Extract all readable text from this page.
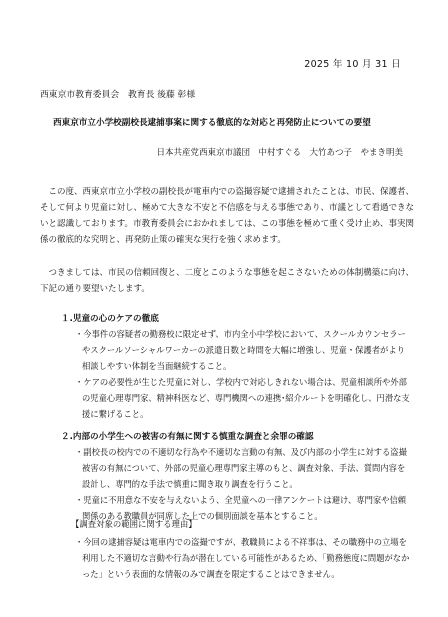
2025 年 10 月 31 日
西東京市教育委員会　教育長 後藤 彰様
西東京市立小学校副校長逮捕事案に関する徹底的な対応と再発防止についての要望
日本共産党西東京市議団　中村すぐる　大竹あつ子　やまき明美
　この度、西東京市立小学校の副校長が電車内での盗撮容疑で逮捕されたことは、市民、保護者、そして何より児童に対し、極めて大きな不安と不信感を与える事態であり、市議として看過できないと認識しております。市教育委員会におかれましては、この事態を極めて重く受け止め、事実関係の徹底的な究明と、再発防止策の確実な実行を強く求めます。
　つきましては、市民の信頼回復と、二度とこのような事態を起こさないための体制構築に向け、下記の通り要望いたします。
１.児童の心のケアの徹底
・今事件の容疑者の勤務校に限定せず、市内全小中学校において、スクールカウンセラーやスクールソーシャルワーカーの派遣日数と時間を大幅に増強し、児童・保護者がより相談しやすい体制を当面継続すること。
・ケアの必要性が生じた児童に対し、学校内で対応しきれない場合は、児童相談所や外部の児童心理専門家、精神科医など、専門機関への連携･紹介ルートを明確化し、円滑な支援に繋げること。
２.内部の小学生への被害の有無に関する慎重な調査と余罪の確認
・副校長の校内での不適切な行為や不適切な言動の有無、及び内部の小学生に対する盗撮被害の有無について、外部の児童心理専門家主導のもと、調査対象、手法、質問内容を設計し、専門的な手法で慎重に聞き取り調査を行うこと。
・児童に不用意な不安を与えないよう、全児童への一律アンケートは避け、専門家や信頼関係のある教職員が同席した上での個別面談を基本とすること。
【調査対象の範囲に関する理由】
・今回の逮捕容疑は電車内での盗撮ですが、教職員による不祥事は、その職務中の立場を利用した不適切な言動や行為が潜在している可能性があるため、「勤務態度に問題がなかった」という表面的な情報のみで調査を限定することはできません。
